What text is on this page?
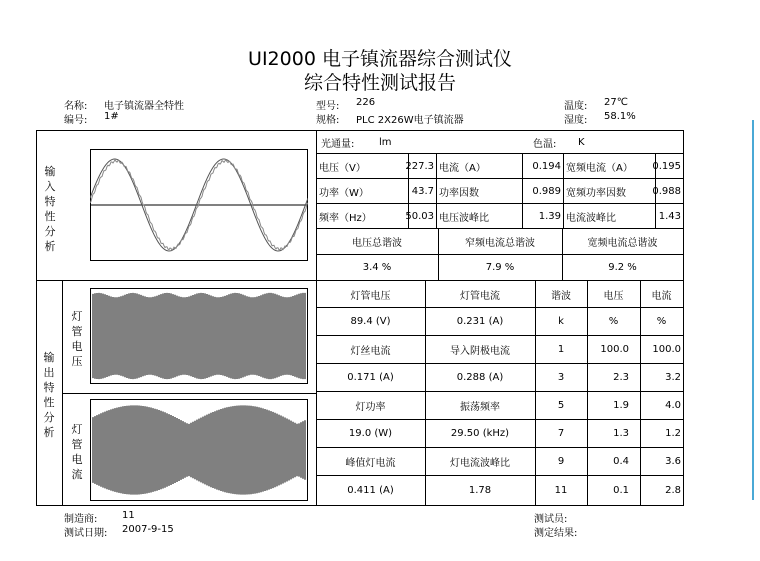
UI2000 电子镇流器综合测试仪
综合特性测试报告
名称: 电子镇流器全特性
编号: 1#
型号: 226
规格: PLC 2X26W电子镇流器
温度: 27℃
湿度: 58.1%
输入特性分析
输出特性分析
灯管电压
灯管电流
光通量:	lm	色温:	K
电压（V）	227.3 电流（A）	0.194 宽频电流（A）	0.195
功率（W）	43.7 功率因数	0.989 宽频功率因数	0.988
频率（Hz）	50.03 电压波峰比	1.39 电流波峰比	1.43
电压总谐波	窄频电流总谐波	宽频电流总谐波
3.4 %	7.9 %	9.2 %
灯管电压	灯管电流
89.4 (V)	0.231 (A)
灯丝电流	导入阴极电流
0.171 (A)	0.288 (A)
灯功率	振荡频率
19.0 (W)	29.50 (kHz)
峰值灯电流	灯电流波峰比
0.411 (A)	1.78
谐波	电压	电流
k	%	%
1	100.0	100.0
3	2.3	3.2
5	1.9	4.0
7	1.3	1.2
9	0.4	3.6
11	0.1	2.8
制造商: 11
测试日期: 2007-9-15
测试员:
测定结果:
